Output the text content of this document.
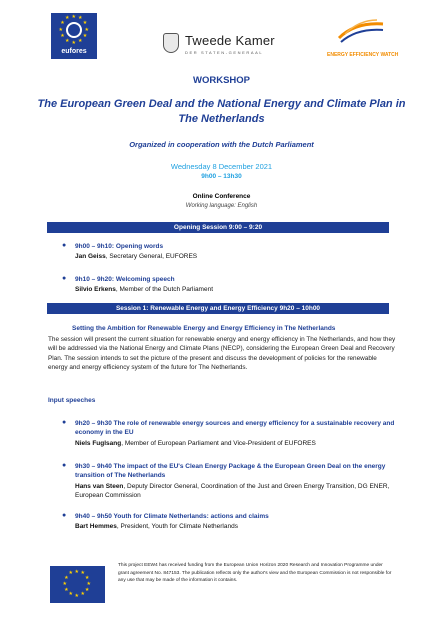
eufores
★
★
★
★
★
★
★
★
★ ★ ★
★
Tweede Kamer
DER STATEN-GENERAAL	ENERGY EFFICIENCY WATCH
WORKSHOP
The European Green Deal and the National Energy and Climate Plan in The Netherlands
Organized in cooperation with the Dutch Parliament
Wednesday 8 December 2021
9h00 – 13h30
Online Conference
Working language: English
Opening Session 9:00 – 9:20
● 9h00 – 9h10: Opening words
Jan Geiss, Secretary General, EUFORES
● 9h10 – 9h20: Welcoming speech
Silvio Erkens, Member of the Dutch Parliament
Session 1: Renewable Energy and Energy Efficiency 9h20 – 10h00
Setting the Ambition for Renewable Energy and Energy Efficiency in The Netherlands
The session will present the current situation for renewable energy and energy efficiency in The Netherlands, and how they will be addressed via the National Energy and Climate Plans (NECP), considering the European Green Deal and Recovery Plan. The session intends to set the picture of the present and discuss the development of policies for the renewable energy and energy efficiency system of the future for The Netherlands.
Input speeches
● 9h20 – 9h30 The role of renewable energy sources and energy efficiency for a sustainable recovery and economy in the EU
Niels Fuglsang, Member of European Parliament and Vice-President of EUFORES
● 9h30 – 9h40 The impact of the EU's Clean Energy Package & the European Green Deal on the energy transition of The Netherlands
Hans van Steen, Deputy Director General, Coordination of the Just and Green Energy Transition, DG ENER, European Commission
● 9h40 – 9h50 Youth for Climate Netherlands: actions and claims
Bart Hemmes, President, Youth for Climate Netherlands
★
★
★
★
★
★
★
★
★ ★ ★
★
This project EEW4 has received funding from the European Union Horizon 2020 Research and Innovation Programme under grant agreement No. 847153. The publication reflects only the author's view and the European Commission is not responsible for any use that may be made of the information it contains.
